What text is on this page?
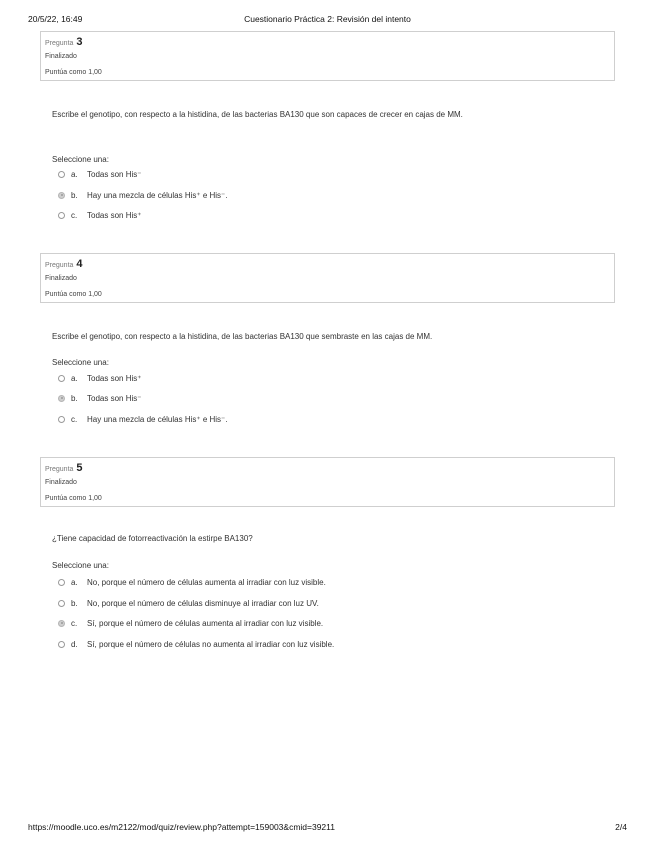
20/5/22, 16:49	Cuestionario Práctica 2: Revisión del intento
Pregunta 3
Finalizado
Puntúa como 1,00
Escribe el genotipo, con respecto a la histidina, de las bacterias BA130 que son capaces de crecer en cajas de MM.
Seleccione una:
a.	Todas son His⁻
b.	Hay una mezcla de células His⁺ e His⁻.
c.	Todas son His⁺
Pregunta 4
Finalizado
Puntúa como 1,00
Escribe el genotipo, con respecto a la histidina, de las bacterias BA130 que sembraste en las cajas de MM.
Seleccione una:
a.	Todas son His⁺
b.	Todas son His⁻
c.	Hay una mezcla de células His⁺ e His⁻.
Pregunta 5
Finalizado
Puntúa como 1,00
¿Tiene capacidad de fotorreactivación la estirpe BA130?
Seleccione una:
a.	No, porque el número de células aumenta al irradiar con luz visible.
b.	No, porque el número de células disminuye al irradiar con luz UV.
c.	Sí, porque el número de células aumenta al irradiar con luz visible.
d.	Sí, porque el número de células no aumenta al irradiar con luz visible.
https://moodle.uco.es/m2122/mod/quiz/review.php?attempt=159003&cmid=39211	2/4
